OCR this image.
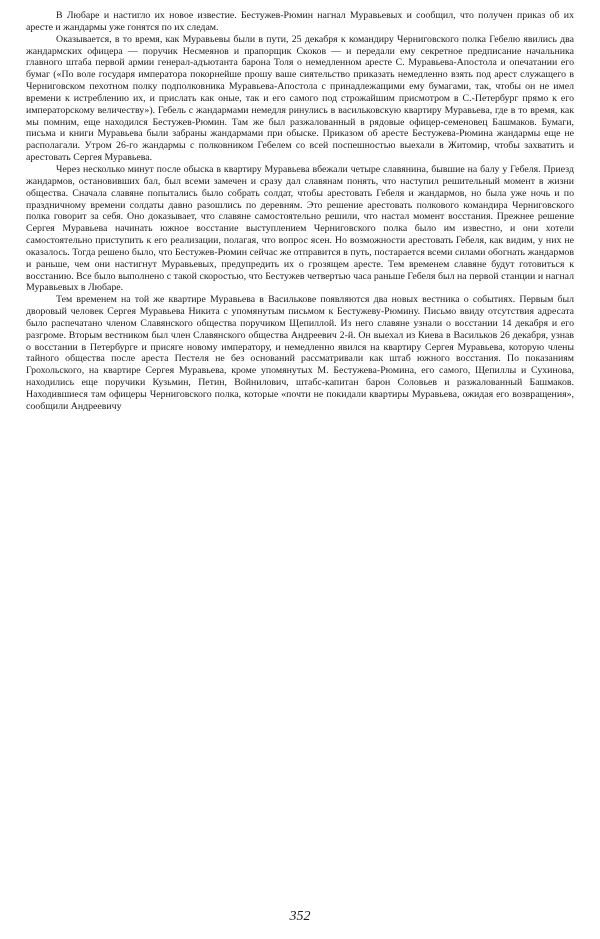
В Любаре и настигло их новое известие. Бестужев-Рюмин нагнал Муравьевых и сообщил, что получен приказ об их аресте и жандармы уже гонятся по их следам.

Оказывается, в то время, как Муравьевы были в пути, 25 декабря к командиру Черниговского полка Гебелю явились два жандармских офицера — поручик Несмеянов и прапорщик Скоков — и передали ему секретное предписание начальника главного штаба первой армии генерал-адъютанта барона Толя о немедленном аресте С. Муравьева-Апостола и опечатании его бумаг («По воле государя императора покорнейше прошу ваше сиятельство приказать немедленно взять под арест служащего в Черниговском пехотном полку подполковника Муравьева-Апостола с принадлежащими ему бумагами, так, чтобы он не имел времени к истреблению их, и прислать как оные, так и его самого под строжайшим присмотром в С.-Петербург прямо к его императорскому величеству»). Гебель с жандармами немедля ринулись в васильковскую квартиру Муравьева, где в то время, как мы помним, еще находился Бестужев-Рюмин. Там же был разжалованный в рядовые офицер-семеновец Башмаков. Бумаги, письма и книги Муравьева были забраны жандармами при обыске. Приказом об аресте Бестужева-Рюмина жандармы еще не располагали. Утром 26-го жандармы с полковником Гебелем со всей поспешностью выехали в Житомир, чтобы захватить и арестовать Сергея Муравьева.

Через несколько минут после обыска в квартиру Муравьева вбежали четыре славянина, бывшие на балу у Гебеля. Приезд жандармов, остановивших бал, был всеми замечен и сразу дал славянам понять, что наступил решительный момент в жизни общества. Сначала славяне попытались было собрать солдат, чтобы арестовать Гебеля и жандармов, но была уже ночь и по праздничному времени солдаты давно разошлись по деревням. Это решение арестовать полкового командира Черниговского полка говорит за себя. Оно доказывает, что славяне самостоятельно решили, что настал момент восстания. Прежнее решение Сергея Муравьева начинать южное восстание выступлением Черниговского полка было им известно, и они хотели самостоятельно приступить к его реализации, полагая, что вопрос ясен. Но возможности арестовать Гебеля, как видим, у них не оказалось. Тогда решено было, что Бестужев-Рюмин сейчас же отправится в путь, постарается всеми силами обогнать жандармов и раньше, чем они настигнут Муравьевых, предупредить их о грозящем аресте. Тем временем славяне будут готовиться к восстанию. Все было выполнено с такой скоростью, что Бестужев четвертью часа раньше Гебеля был на первой станции и нагнал Муравьевых в Любаре.

Тем временем на той же квартире Муравьева в Василькове появляются два новых вестника о событиях. Первым был дворовый человек Сергея Муравьева Никита с упомянутым письмом к Бестужеву-Рюмину. Письмо ввиду отсутствия адресата было распечатано членом Славянского общества поручиком Щепиллой. Из него славяне узнали о восстании 14 декабря и его разгроме. Вторым вестником был член Славянского общества Андреевич 2-й. Он выехал из Киева в Васильков 26 декабря, узнав о восстании в Петербурге и присяге новому императору, и немедленно явился на квартиру Сергея Муравьева, которую члены тайного общества после ареста Пестеля не без оснований рассматривали как штаб южного восстания. По показаниям Грохольского, на квартире Сергея Муравьева, кроме упомянутых М. Бестужева-Рюмина, его самого, Щепиллы и Сухинова, находились еще поручики Кузьмин, Петин, Войнилович, штабс-капитан барон Соловьев и разжалованный Башмаков. Находившиеся там офицеры Черниговского полка, которые «почти не покидали квартиры Муравьева, ожидая его возвращения», сообщили Андреевичу

352
